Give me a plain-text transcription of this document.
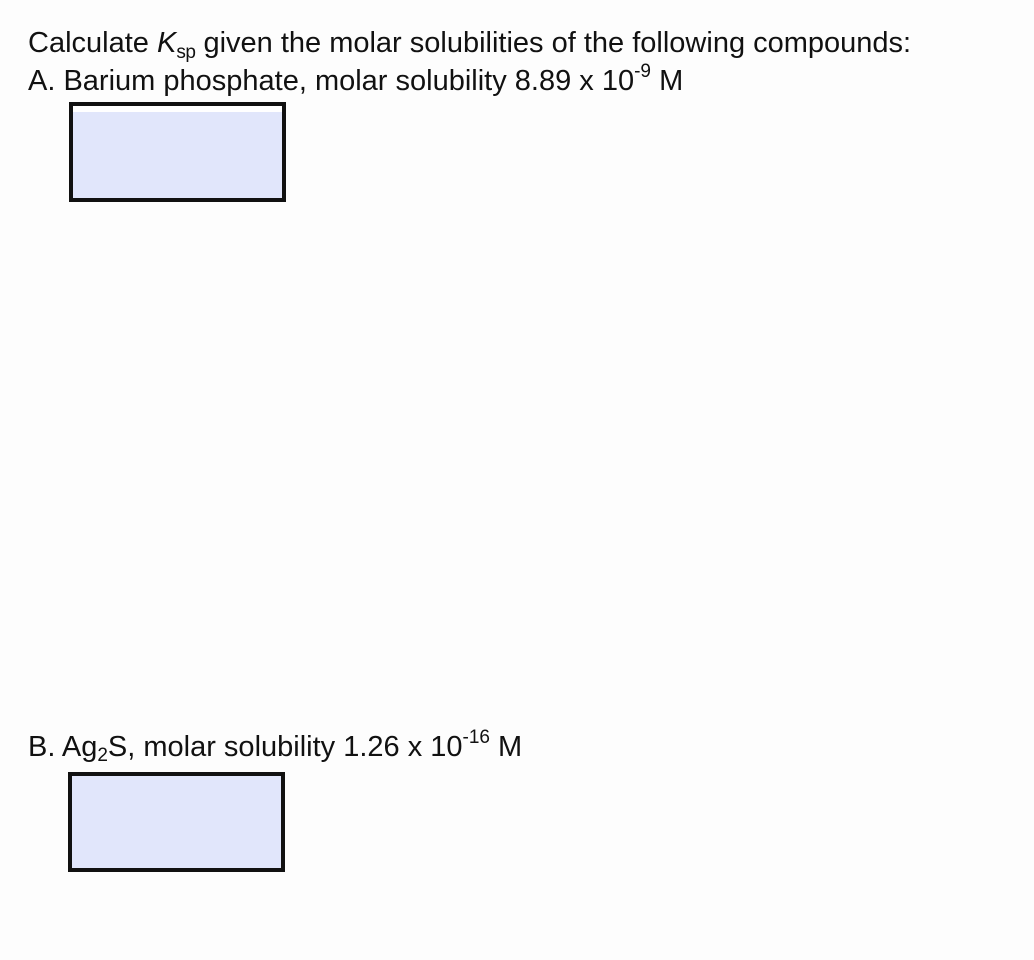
Calculate $K_{sp}$ given the molar solubilities of the following compounds:

A. Barium phosphate, molar solubility 8.89 x $10^{-9}$ M

B. Ag2S, molar solubility 1.26 x $10^{-16}$ M
